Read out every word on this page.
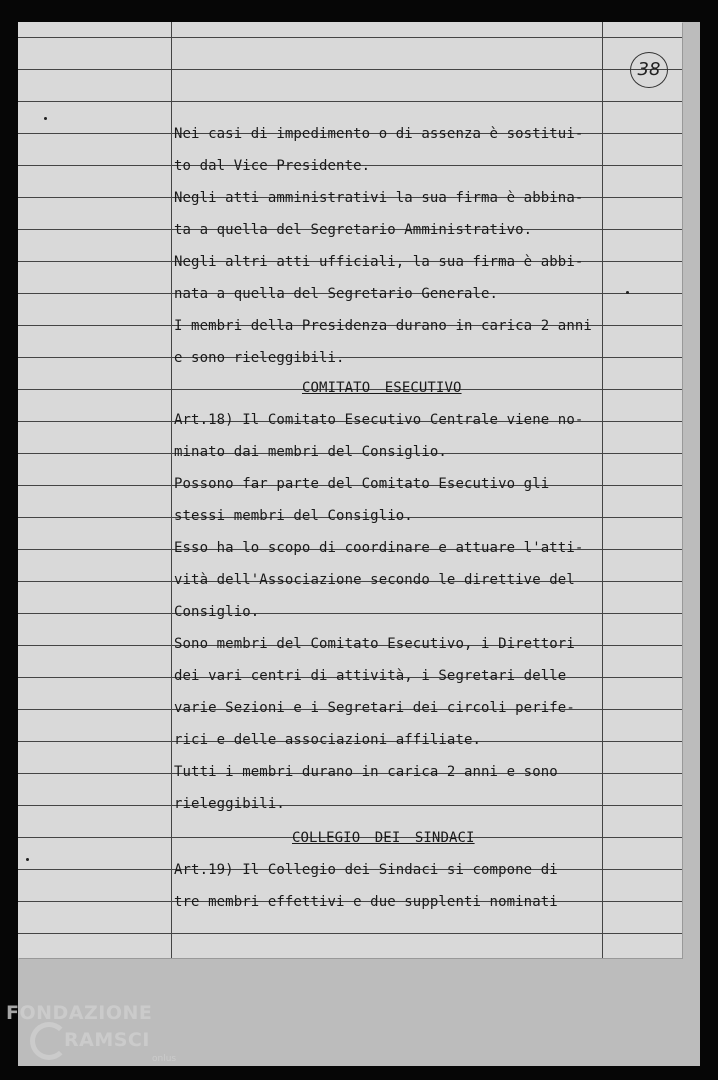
38
Nei casi di impedimento o di assenza è sostitui-
to dal Vice Presidente.
Negli atti amministrativi la sua firma è abbina-
ta a quella del Segretario Amministrativo.
Negli altri atti ufficiali, la sua firma è abbi-
nata a quella del Segretario Generale.
I membri della Presidenza durano in carica 2 anni
e sono rieleggibili.
COMITATO ESECUTIVO
Art.18) Il Comitato Esecutivo Centrale viene no-
minato dai membri del Consiglio.
Possono far parte del Comitato Esecutivo gli
stessi membri del Consiglio.
Esso ha lo scopo di coordinare e attuare l'atti-
vità dell'Associazione secondo le direttive del
Consiglio.
Sono membri del Comitato Esecutivo, i Direttori
dei vari centri di attività, i Segretari delle
varie Sezioni e i Segretari dei circoli perife-
rici e delle associazioni affiliate.
Tutti i membri durano in carica 2 anni e sono
rieleggibili.
COLLEGIO DEI SINDACI
Art.19) Il Collegio dei Sindaci si compone di
tre membri effettivi e due supplenti nominati
FONDAZIONE
RAMSCI
onlus
